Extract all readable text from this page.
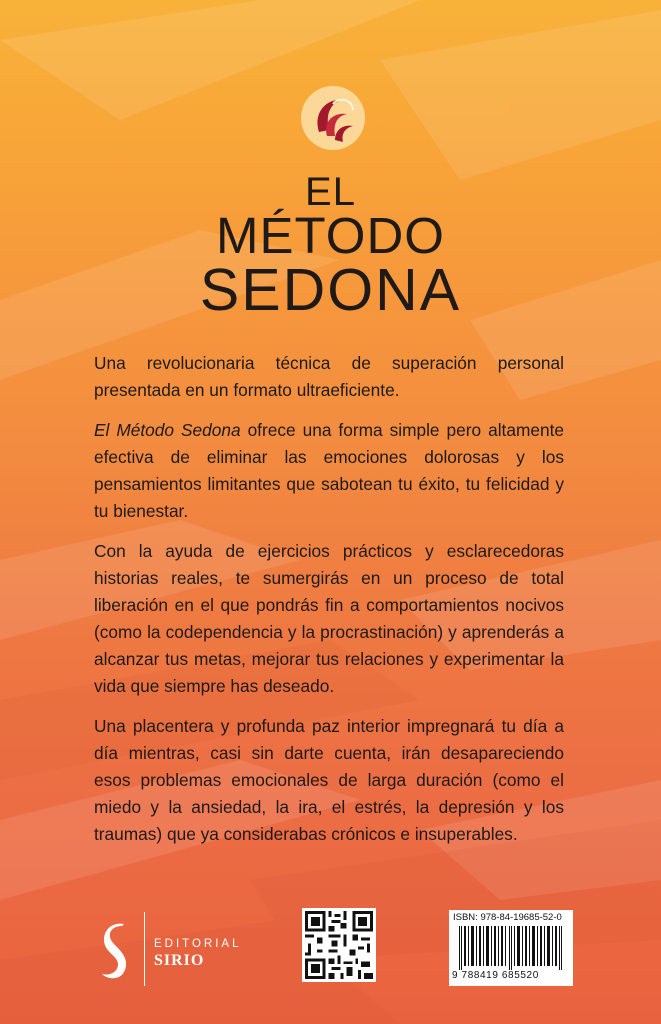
EL
MÉTODO
SEDONA

Una revolucionaria técnica de superación personal presentada en un formato ultraeficiente.

El Método Sedona ofrece una forma simple pero altamente efectiva de eliminar las emociones dolorosas y los pensamientos limitantes que sabotean tu éxito, tu felicidad y tu bienestar.

Con la ayuda de ejercicios prácticos y esclarecedoras historias reales, te sumergirás en un proceso de total liberación en el que pondrás fin a comportamientos nocivos (como la codependencia y la procrastinación) y aprenderás a alcanzar tus metas, mejorar tus relaciones y experimentar la vida que siempre has deseado.

Una placentera y profunda paz interior impregnará tu día a día mientras, casi sin darte cuenta, irán desapareciendo esos problemas emocionales de larga duración (como el miedo y la ansiedad, la ira, el estrés, la depresión y los traumas) que ya considerabas crónicos e insuperables.

EDITORIAL
SIRIO
ISBN: 978-84-19685-52-0
9 788419 685520
